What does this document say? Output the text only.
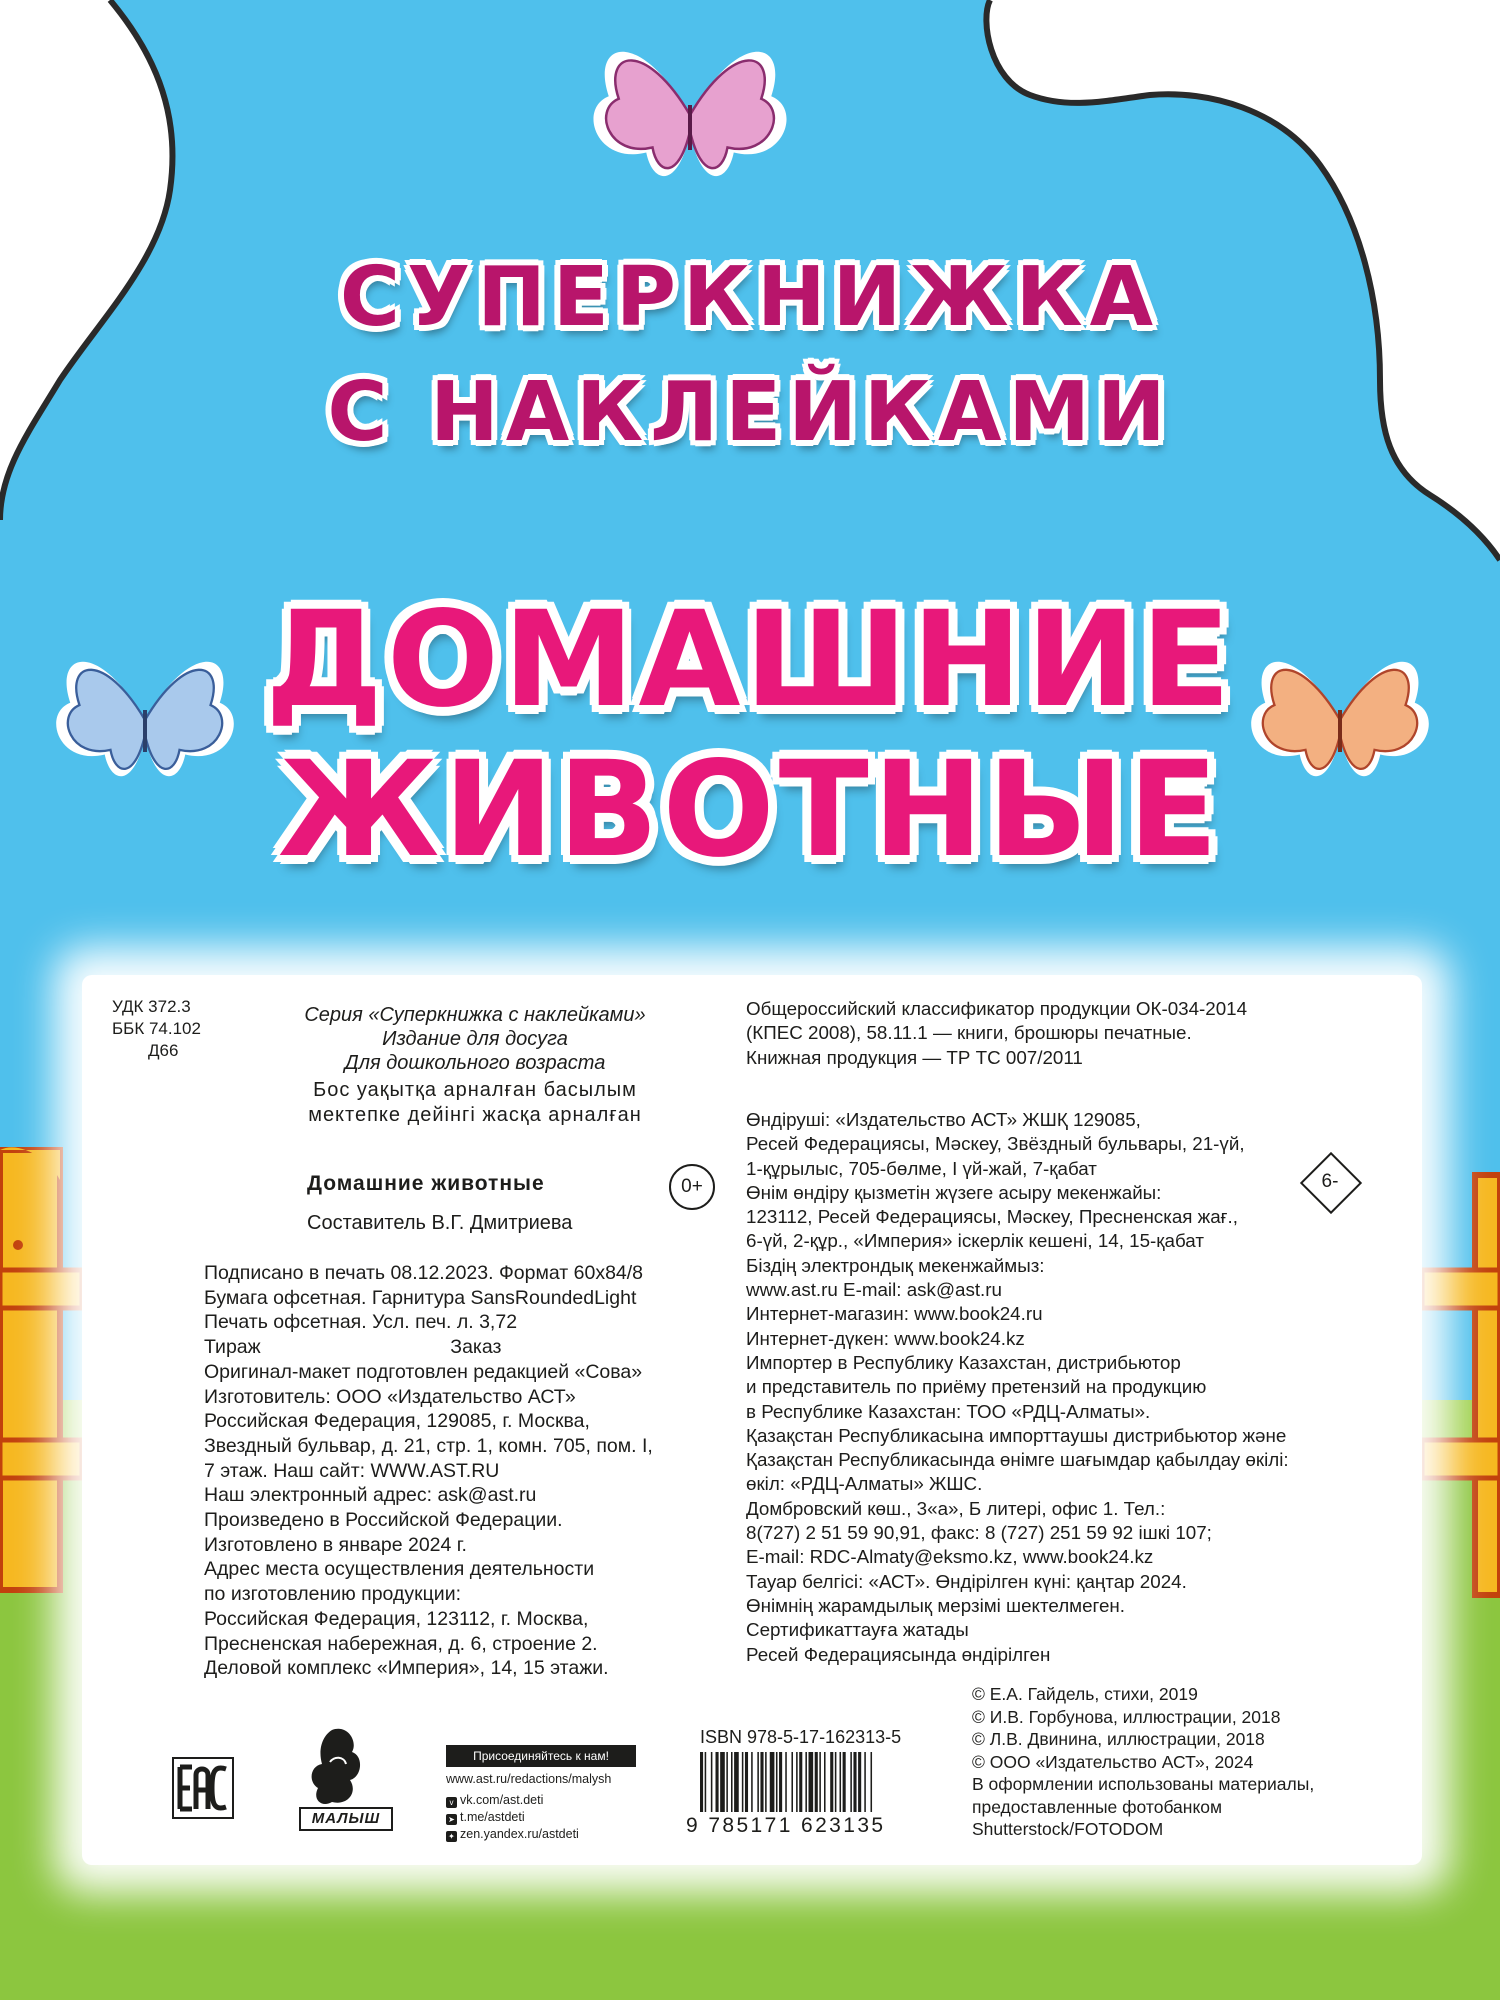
СУПЕРКНИЖКА
С НАКЛЕЙКАМИ
ДОМАШНИЕ
ЖИВОТНЫЕ
УДК 372.3
ББК 74.102
Д66
Серия «Суперкнижка с наклейками»
Издание для досуга
Для дошкольного возраста
Бос уақытқа арналған басылым
мектепке дейінгі жасқа арналған
Домашние животные
Составитель В.Г. Дмитриева
0+	6-
Подписано в печать 08.12.2023. Формат 60х84/8
Бумага офсетная. Гарнитура SansRoundedLight
Печать офсетная. Усл. печ. л. 3,72
Тираж                                   Заказ
Оригинал-макет подготовлен редакцией «Сова»
Изготовитель: ООО «Издательство АСТ»
Российская Федерация, 129085, г. Москва,
Звездный бульвар, д. 21, стр. 1, комн. 705, пом. I,
7 этаж. Наш сайт: WWW.AST.RU
Наш электронный адрес: ask@ast.ru
Произведено в Российской Федерации.
Изготовлено в январе 2024 г.
Адрес места осуществления деятельности
по изготовлению продукции:
Российская Федерация, 123112, г. Москва,
Пресненская набережная, д. 6, строение 2.
Деловой комплекс «Империя», 14, 15 этажи.
Общероссийский классификатор продукции ОК-034-2014
(КПЕС 2008), 58.11.1 — книги, брошюры печатные.
Книжная продукция — ТР ТС 007/2011
Өндіруші: «Издательство АСТ» ЖШҚ 129085,
Ресей Федерациясы, Мәскеу, Звёздный бульвары, 21-үй,
1-құрылыс, 705-бөлме, I үй-жай, 7-қабат
Өнім өндіру қызметін жүзеге асыру мекенжайы:
123112, Ресей Федерациясы, Мәскеу, Пресненская жағ.,
6-үй, 2-құр., «Империя» іскерлік кешені, 14, 15-қабат
Біздің электрондық мекенжаймыз:
www.ast.ru E-mail: ask@ast.ru
Интернет-магазин: www.book24.ru
Интернет-дүкен: www.book24.kz
Импортер в Республику Казахстан, дистрибьютор
и представитель по приёму претензий на продукцию
в Республике Казахстан: ТОО «РДЦ-Алматы».
Қазақстан Республикасына импорттаушы дистрибьютор және
Қазақстан Республикасында өнімге шағымдар қабылдау өкілі:
өкіл: «РДЦ-Алматы» ЖШС.
Домбровский көш., 3«а», Б литері, офис 1. Тел.:
8(727) 2 51 59 90,91, факс: 8 (727) 251 59 92 ішкі 107;
E-mail: RDC-Almaty@eksmo.kz, www.book24.kz
Тауар белгісі: «АСТ». Өндірілген күні: қаңтар 2024.
Өнімнің жарамдылық мерзімі шектелмеген.
Сертификаттауға жатады
Ресей Федерациясында өндірілген
© Е.А. Гайдель, стихи, 2019
© И.В. Горбунова, иллюстрации, 2018
© Л.В. Двинина, иллюстрации, 2018
© ООО «Издательство АСТ», 2024
В оформлении использованы материалы,
предоставленные фотобанком
Shutterstock/FOTODOM
МАЛЫШ
Присоединяйтесь к нам!
www.ast.ru/redactions/malysh
v vk.com/ast.deti
➤ t.me/astdeti
✦ zen.yandex.ru/astdeti
ISBN 978-5-17-162313-5
9 785171 623135
